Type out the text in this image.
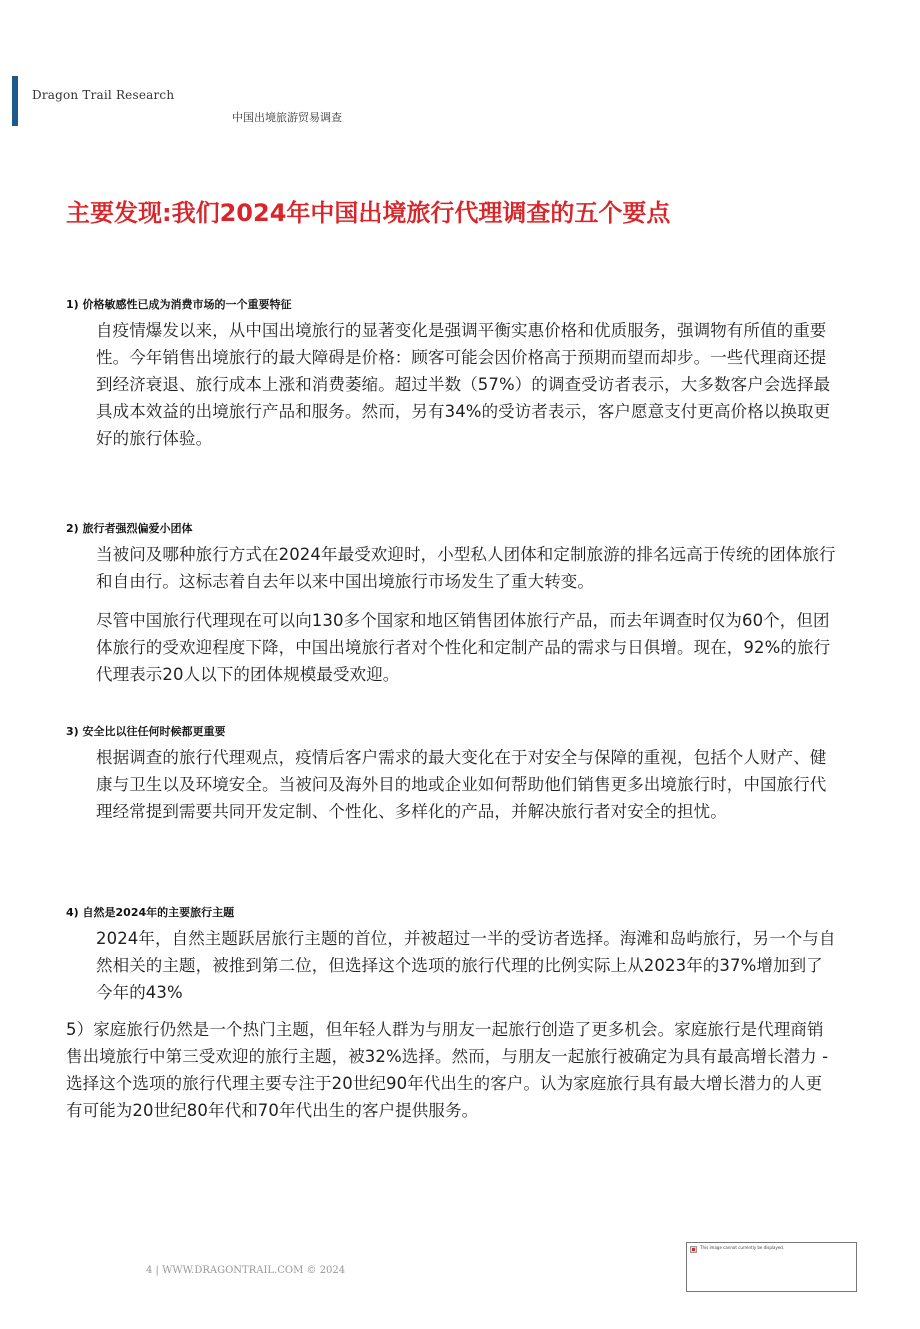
Dragon Trail Research
中国出境旅游贸易调查
主要发现:我们2024年中国出境旅行代理调查的五个要点
1) 价格敏感性已成为消费市场的一个重要特征

自疫情爆发以来，从中国出境旅行的显著变化是强调平衡实惠价格和优质服务，强调物有所值的重要性。今年销售出境旅行的最大障碍是价格：顾客可能会因价格高于预期而望而却步。一些代理商还提到经济衰退、旅行成本上涨和消费萎缩。超过半数（57%）的调查受访者表示，大多数客户会选择最具成本效益的出境旅行产品和服务。然而，另有34%的受访者表示，客户愿意支付更高价格以换取更好的旅行体验。

2) 旅行者强烈偏爱小团体

当被问及哪种旅行方式在2024年最受欢迎时，小型私人团体和定制旅游的排名远高于传统的团体旅行和自由行。这标志着自去年以来中国出境旅行市场发生了重大转变。

尽管中国旅行代理现在可以向130多个国家和地区销售团体旅行产品，而去年调查时仅为60个，但团体旅行的受欢迎程度下降，中国出境旅行者对个性化和定制产品的需求与日俱增。现在，92%的旅行代理表示20人以下的团体规模最受欢迎。

3) 安全比以往任何时候都更重要

根据调查的旅行代理观点，疫情后客户需求的最大变化在于对安全与保障的重视，包括个人财产、健康与卫生以及环境安全。当被问及海外目的地或企业如何帮助他们销售更多出境旅行时，中国旅行代理经常提到需要共同开发定制、个性化、多样化的产品，并解决旅行者对安全的担忧。

4) 自然是2024年的主要旅行主题

2024年，自然主题跃居旅行主题的首位，并被超过一半的受访者选择。海滩和岛屿旅行，另一个与自然相关的主题，被推到第二位，但选择这个选项的旅行代理的比例实际上从2023年的37%增加到了今年的43%

5）家庭旅行仍然是一个热门主题，但年轻人群为与朋友一起旅行创造了更多机会。家庭旅行是代理商销售出境旅行中第三受欢迎的旅行主题，被32%选择。然而，与朋友一起旅行被确定为具有最高增长潜力 - 选择这个选项的旅行代理主要专注于20世纪90年代出生的客户。认为家庭旅行具有最大增长潜力的人更有可能为20世纪80年代和70年代出生的客户提供服务。

4 | WWW.DRAGONTRAIL.COM © 2024
This image cannot currently be displayed.
